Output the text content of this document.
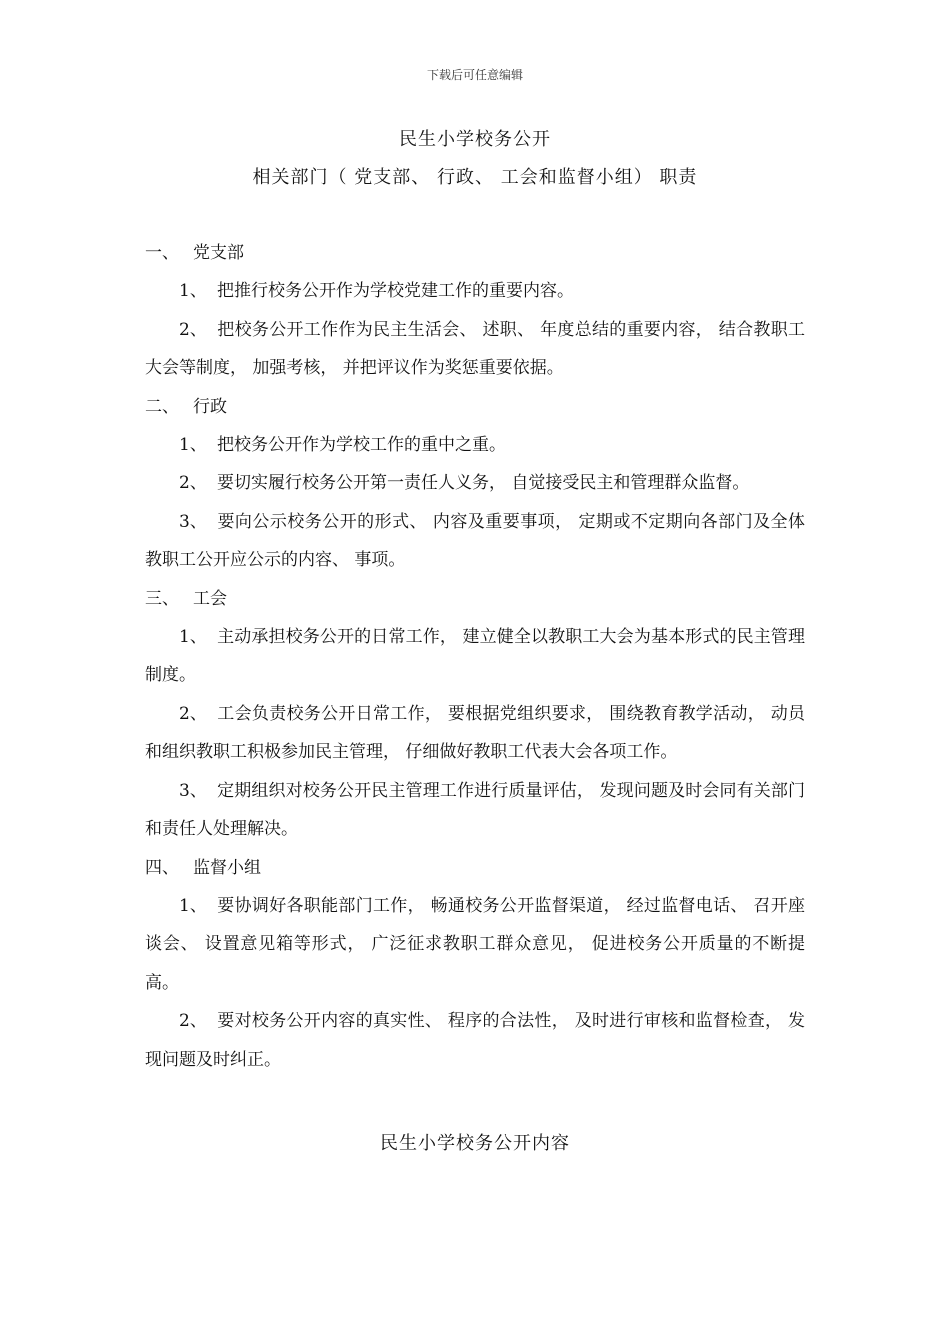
下载后可任意编辑
民生小学校务公开
相关部门（ 党支部、 行政、 工会和监督小组） 职责

一、 党支部

1、 把推行校务公开作为学校党建工作的重要内容。

2、 把校务公开工作作为民主生活会、 述职、 年度总结的重要内容， 结合教职工大会等制度， 加强考核， 并把评议作为奖惩重要依据。

二、 行政

1、 把校务公开作为学校工作的重中之重。

2、 要切实履行校务公开第一责任人义务， 自觉接受民主和管理群众监督。

3、 要向公示校务公开的形式、 内容及重要事项， 定期或不定期向各部门及全体教职工公开应公示的内容、 事项。

三、 工会

1、 主动承担校务公开的日常工作， 建立健全以教职工大会为基本形式的民主管理制度。

2、 工会负责校务公开日常工作， 要根据党组织要求， 围绕教育教学活动， 动员和组织教职工积极参加民主管理， 仔细做好教职工代表大会各项工作。

3、 定期组织对校务公开民主管理工作进行质量评估， 发现问题及时会同有关部门和责任人处理解决。

四、 监督小组

1、 要协调好各职能部门工作， 畅通校务公开监督渠道， 经过监督电话、 召开座谈会、 设置意见箱等形式， 广泛征求教职工群众意见， 促进校务公开质量的不断提高。

2、 要对校务公开内容的真实性、 程序的合法性， 及时进行审核和监督检查， 发现问题及时纠正。

民生小学校务公开内容
